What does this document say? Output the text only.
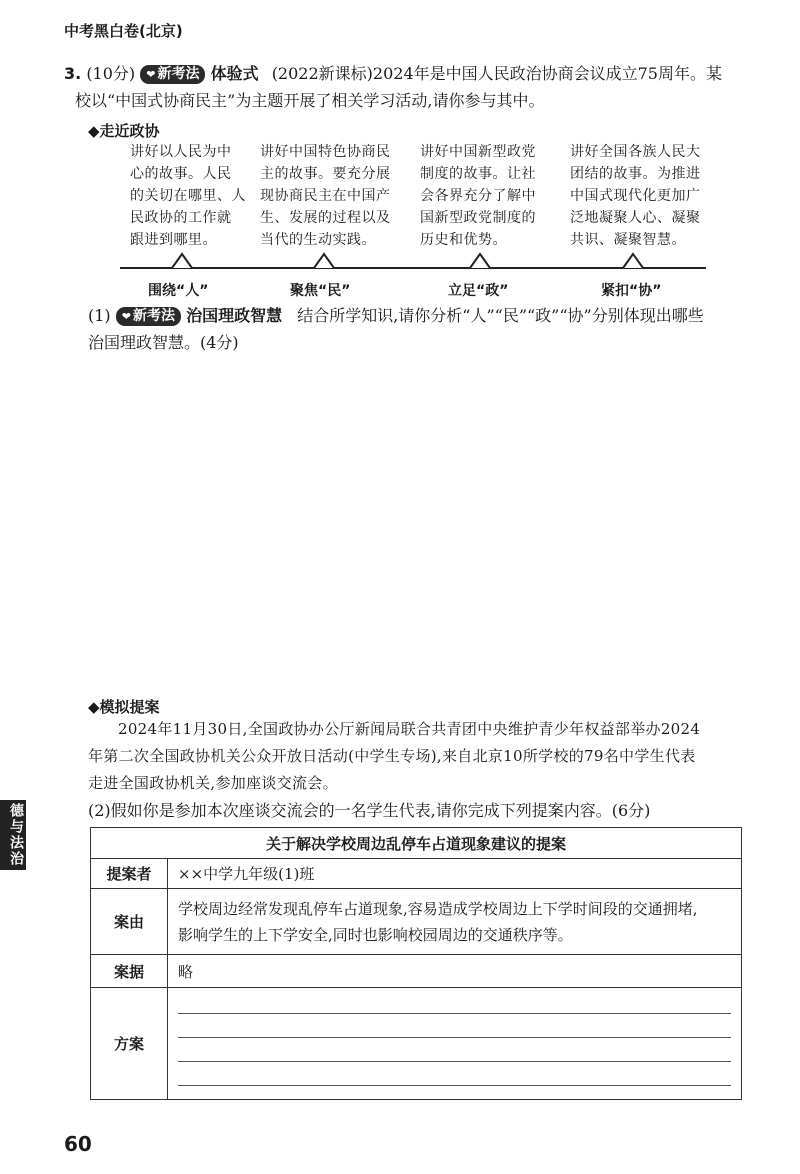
中考黑白卷(北京)
3. (10分) ❤ 新考法 体验式 (2022新课标)2024年是中国人民政治协商会议成立75周年。某
校以“中国式协商民主”为主题开展了相关学习活动,请你参与其中。
◆走近政协
讲好以人民为中
心的故事。人民
的关切在哪里、人
民政协的工作就
跟进到哪里。
讲好中国特色协商民
主的故事。要充分展
现协商民主在中国产
生、发展的过程以及
当代的生动实践。
讲好中国新型政党
制度的故事。让社
会各界充分了解中
国新型政党制度的
历史和优势。
讲好全国各族人民大
团结的故事。为推进
中国式现代化更加广
泛地凝聚人心、凝聚
共识、凝聚智慧。
围绕“人”	聚焦“民”	立足“政”	紧扣“协”
(1) ❤ 新考法 治国理政智慧 结合所学知识,请你分析“人”“民”“政”“协”分别体现出哪些
治国理政智慧。(4分)
◆模拟提案
2024年11月30日,全国政协办公厅新闻局联合共青团中央维护青少年权益部举办2024
年第二次全国政协机关公众开放日活动(中学生专场),来自北京10所学校的79名中学生代表
走进全国政协机关,参加座谈交流会。
(2)假如你是参加本次座谈交流会的一名学生代表,请你完成下列提案内容。(6分)
关于解决学校周边乱停车占道现象建议的提案	
提案者	××中学九年级(1)班
案由	学校周边经常发现乱停车占道现象,容易造成学校周边上下学时间段的交通拥堵,
影响学生的上下学安全,同时也影响校园周边的交通秩序等。

案据	略
方案	
德与法治
60
